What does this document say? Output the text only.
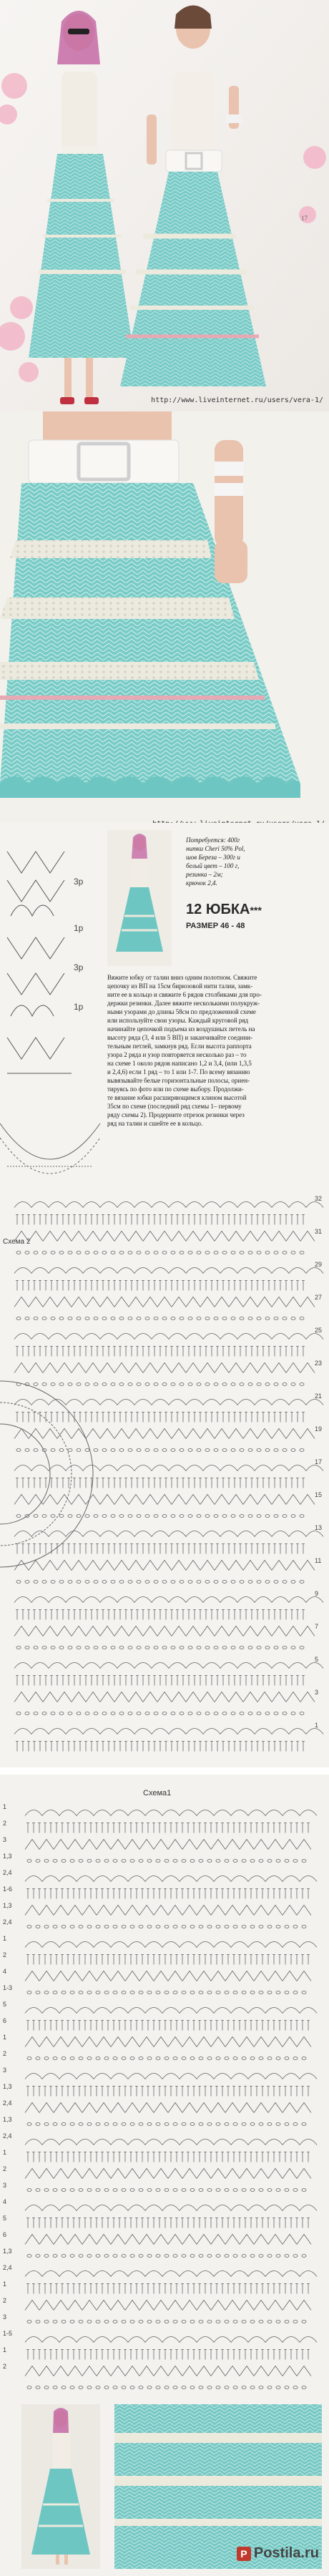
http://www.liveinternet.ru/users/vera-1/
17
3р
1р
3р
1р
Потребуется: 400г
нитки Cheri 50% Pol,
шов Береза – 300г и
белый цвет – 100 г,
резинка – 2м;
крючок 2,4.
12 ЮБКА***
РАЗМЕР 46 - 48
Вяжите юбку от талии вниз одним полотном. Свяжите
цепочку из ВП на 15см бирюзовой нити талии, замк-
ните ее в кольцо и свяжите 6 рядов столбиками для про-
держки резинки. Далее вяжите несколькими полукруж-
ными узорами до длины 58см по предложенной схеме
или используйте свои узоры. Каждый круговой ряд
начинайте цепочкой подъема из воздушных петель на
высоту ряда (3, 4 или 5 ВП) и заканчивайте соедини-
тельным петлей, замкнув ряд. Если высота раппорта
узора 2 ряда и узор повторяется несколько раз – то
на схеме 1 около рядов написано 1,2 и 3,4, (или 1,3,5
и 2,4,6) если 1 ряд – то 1 или 1-7. По всему вязанию
вывязывайте белые горизонтальные полосы, ориен-
тируясь по фото или по схеме выбору. Продолжи-
те вязание юбки расширяющимся клином высотой
35см по схеме (последний ряд схемы 1– первому
ряду схемы 2). Продерните отрезок резинки через
ряд на талии и сшейте ее в кольцо.
Схема 2
32
31
29
27
25
23
21
19
17
15
13
11
9
7
5
3
1
Схема1
1
2
3
1,3
2,4
1-6
1,3
2,4
1
2
4
1-3
5
6
1
2
3
1,3
2,4
1,3
2,4
1
2
3
4
5
6
1,3
2,4
1
2
3
1-5
1
2
P Postila.ru
